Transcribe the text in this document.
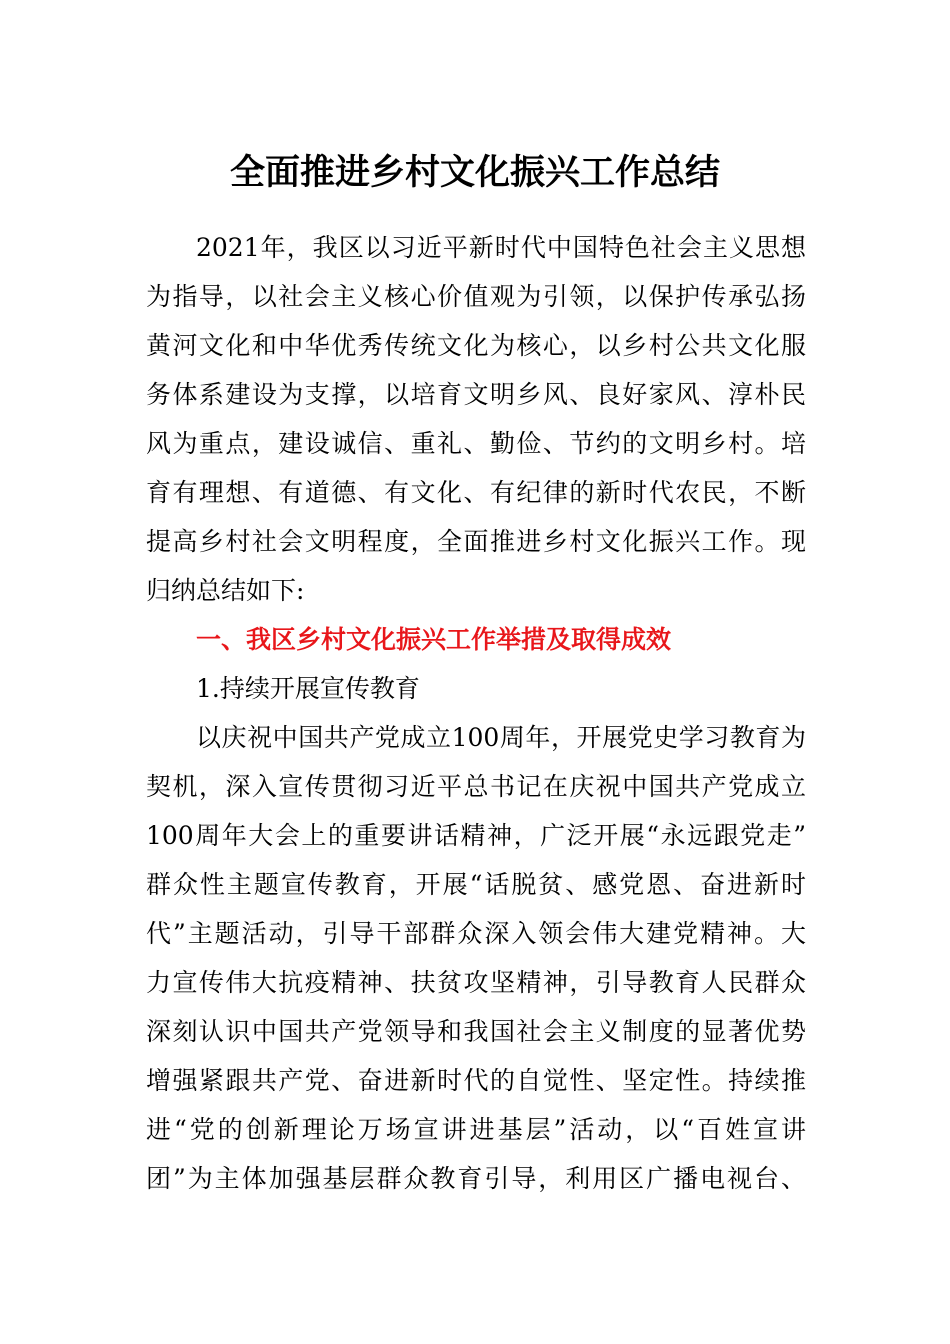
全面推进乡村文化振兴工作总结
2021年，我区以习近平新时代中国特色社会主义思想
为指导，以社会主义核心价值观为引领，以保护传承弘扬
黄河文化和中华优秀传统文化为核心，以乡村公共文化服
务体系建设为支撑，以培育文明乡风、良好家风、淳朴民
风为重点，建设诚信、重礼、勤俭、节约的文明乡村。培
育有理想、有道德、有文化、有纪律的新时代农民，不断
提高乡村社会文明程度，全面推进乡村文化振兴工作。现
归纳总结如下:
一、我区乡村文化振兴工作举措及取得成效
1.持续开展宣传教育
以庆祝中国共产党成立100周年，开展党史学习教育为
契机，深入宣传贯彻习近平总书记在庆祝中国共产党成立
100周年大会上的重要讲话精神，广泛开展“永远跟党走”
群众性主题宣传教育，开展“话脱贫、感党恩、奋进新时
代”主题活动，引导干部群众深入领会伟大建党精神。大
力宣传伟大抗疫精神、扶贫攻坚精神，引导教育人民群众
深刻认识中国共产党领导和我国社会主义制度的显著优势
增强紧跟共产党、奋进新时代的自觉性、坚定性。持续推
进“党的创新理论万场宣讲进基层”活动，以“百姓宣讲
团”为主体加强基层群众教育引导，利用区广播电视台、
